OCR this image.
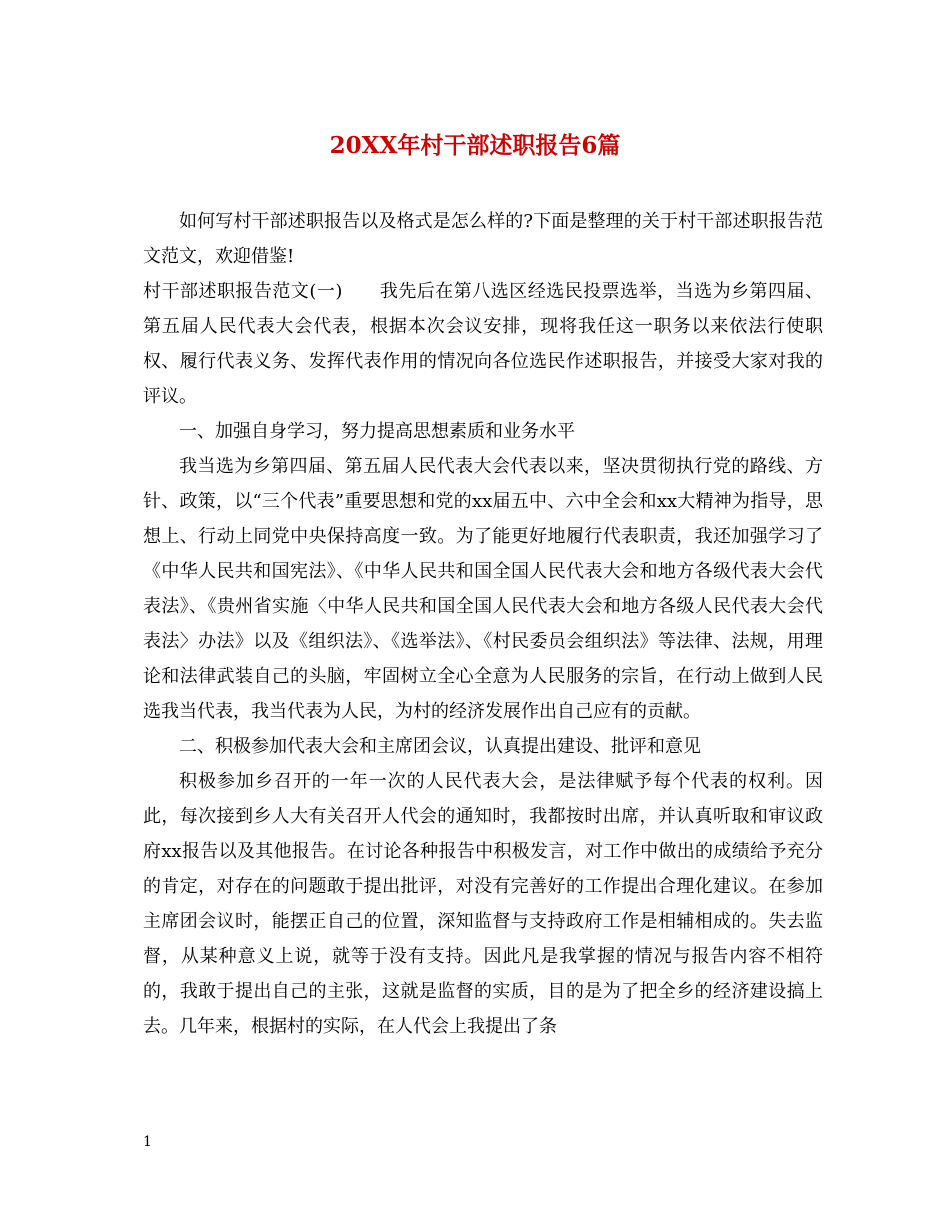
20XX年村干部述职报告6篇

如何写村干部述职报告以及格式是怎么样的?下面是整理的关于村干部述职报告范文范文，欢迎借鉴!

村干部述职报告范文(一)　　我先后在第八选区经选民投票选举，当选为乡第四届、第五届人民代表大会代表，根据本次会议安排，现将我任这一职务以来依法行使职权、履行代表义务、发挥代表作用的情况向各位选民作述职报告，并接受大家对我的评议。

一、加强自身学习，努力提高思想素质和业务水平

我当选为乡第四届、第五届人民代表大会代表以来，坚决贯彻执行党的路线、方针、政策，以“三个代表”重要思想和党的xx届五中、六中全会和xx大精神为指导，思想上、行动上同党中央保持高度一致。为了能更好地履行代表职责，我还加强学习了《中华人民共和国宪法》、《中华人民共和国全国人民代表大会和地方各级代表大会代表法》、《贵州省实施〈中华人民共和国全国人民代表大会和地方各级人民代表大会代表法〉办法》以及《组织法》、《选举法》、《村民委员会组织法》等法律、法规，用理论和法律武装自己的头脑，牢固树立全心全意为人民服务的宗旨，在行动上做到人民选我当代表，我当代表为人民，为村的经济发展作出自己应有的贡献。

二、积极参加代表大会和主席团会议，认真提出建设、批评和意见

积极参加乡召开的一年一次的人民代表大会，是法律赋予每个代表的权利。因此，每次接到乡人大有关召开人代会的通知时，我都按时出席，并认真听取和审议政府xx报告以及其他报告。在讨论各种报告中积极发言，对工作中做出的成绩给予充分的肯定，对存在的问题敢于提出批评，对没有完善好的工作提出合理化建议。在参加主席团会议时，能摆正自己的位置，深知监督与支持政府工作是相辅相成的。失去监督，从某种意义上说，就等于没有支持。因此凡是我掌握的情况与报告内容不相符的，我敢于提出自己的主张，这就是监督的实质，目的是为了把全乡的经济建设搞上去。几年来，根据村的实际，在人代会上我提出了条

1
